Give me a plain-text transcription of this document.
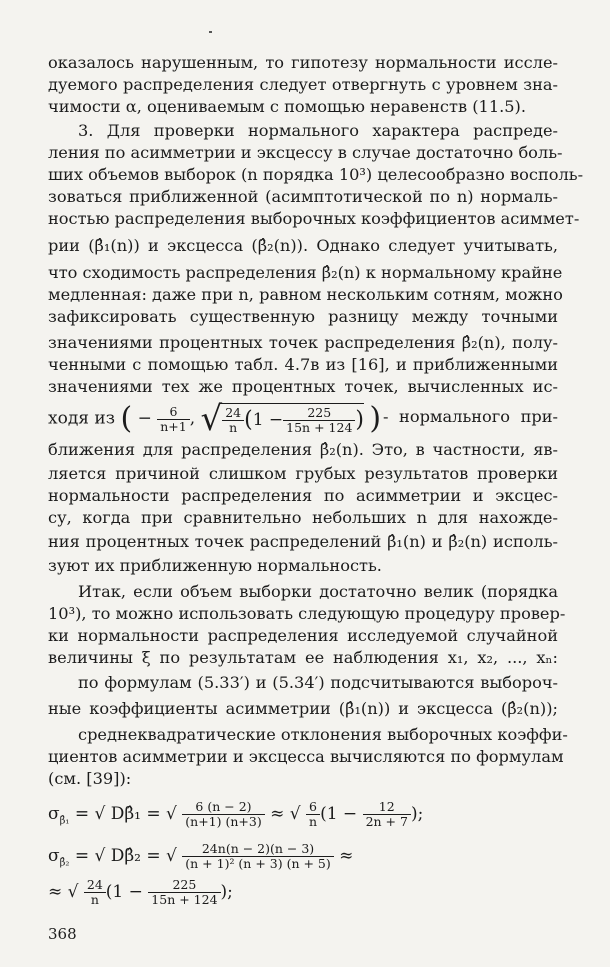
оказалось нарушенным, то гипотезу нормальности иссле-
дуемого распределения следует отвергнуть с уровнем зна-
чимости α, оцениваемым с помощью неравенств (11.5).
3. Для проверки нормального характера распреде-
ления по асимметрии и эксцессу в случае достаточно боль-
ших объемов выборок (n порядка 10³) целесообразно восполь-
зоваться приближенной (асимптотической по n) нормаль-
ностью распределения выборочных коэффициентов асиммет-
рии (β̂₁(n)) и эксцесса (β̂₂(n)). Однако следует учитывать,
что сходимость распределения β̂₂(n) к нормальному крайне
медленная: даже при n, равном нескольким сотням, можно
зафиксировать существенную разницу между точными
значениями процентных точек распределения β̂₂(n), полу-
ченными с помощью табл. 4.7в из [16], и приближенными
значениями тех же процентных точек, вычисленных ис-
ходя из ( − $\frac{6}{n+1}$ , √ $\frac{24}{n} (1 - \frac{225}{15n + 124}$ ) ) - нормального при-
ближения для распределения β̂₂(n). Это, в частности, яв-
ляется причиной слишком грубых результатов проверки
нормальности распределения по асимметрии и эксцес-
су, когда при сравнительно небольших n для нахожде-
ния процентных точек распределений β̂₁(n) и β̂₂(n) исполь-
зуют их приближенную нормальность.
Итак, если объем выборки достаточно велик (порядка
10³), то можно использовать следующую процедуру провер-
ки нормальности распределения исследуемой случайной
величины ξ по результатам ее наблюдения x₁, x₂, ..., xₙ:
по формулам (5.33′) и (5.34′) подсчитываются выбороч-
ные коэффициенты асимметрии (β̂₁(n)) и эксцесса (β̂₂(n));
среднеквадратические отклонения выборочных коэффи-
циентов асимметрии и эксцесса вычисляются по формулам
(см. [39]):
$\sigma_{\betâ_1}$ = √ Dβ̂₁ = √ $\frac{6 (n - 2)}{(n+1) (n+3)}$ ≈ √ $\frac{6}{n} (1 - \frac{12}{2n + 7}$ );
$\sigma_{\betâ_2}$ = √ Dβ̂₂ = √ $\frac{24n(n - 2)(n - 3)}{\text{(n + 1)² (n + 3) (n + 5)}}$ ≈
≈ √ $\frac{24}{n} (1 - \frac{225}{15n + 124}$ );
368
